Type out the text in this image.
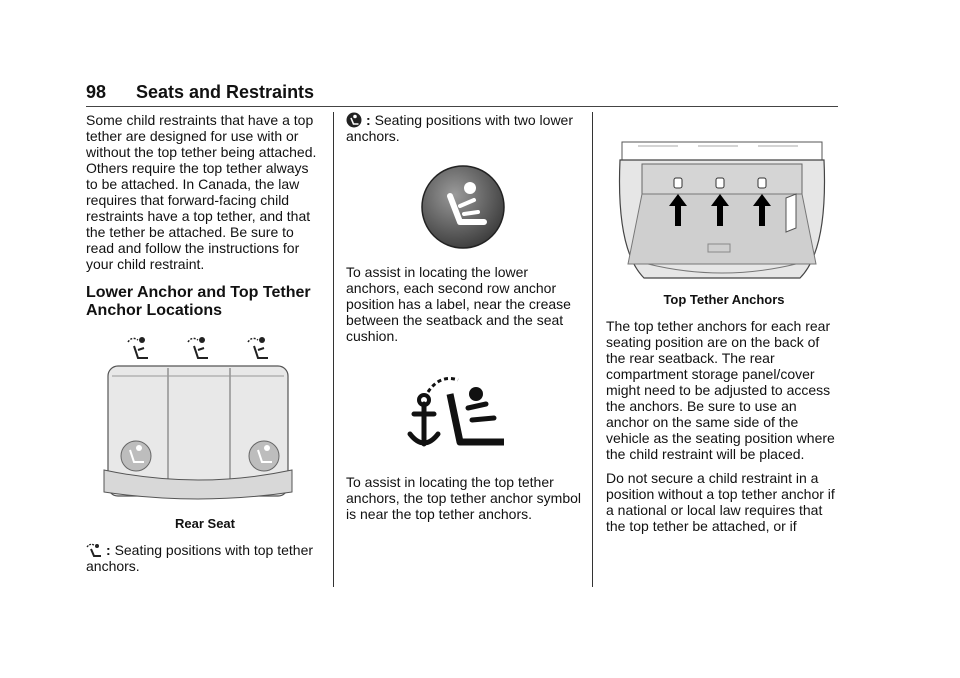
98 Seats and Restraints

Some child restraints that have a top tether are designed for use with or without the top tether being attached. Others require the top tether always to be attached. In Canada, the law requires that forward-facing child restraints have a top tether, and that the tether be attached. Be sure to read and follow the instructions for your child restraint.

Lower Anchor and Top Tether Anchor Locations
Rear Seat

: Seating positions with top tether anchors.

: Seating positions with two lower anchors.

To assist in locating the lower anchors, each second row anchor position has a label, near the crease between the seatback and the seat cushion.

To assist in locating the top tether anchors, the top tether anchor symbol is near the top tether anchors.

Top Tether Anchors

The top tether anchors for each rear seating position are on the back of the rear seatback. The rear compartment storage panel/cover might need to be adjusted to access the anchors. Be sure to use an anchor on the same side of the vehicle as the seating position where the child restraint will be placed.

Do not secure a child restraint in a position without a top tether anchor if a national or local law requires that the top tether be attached, or if
